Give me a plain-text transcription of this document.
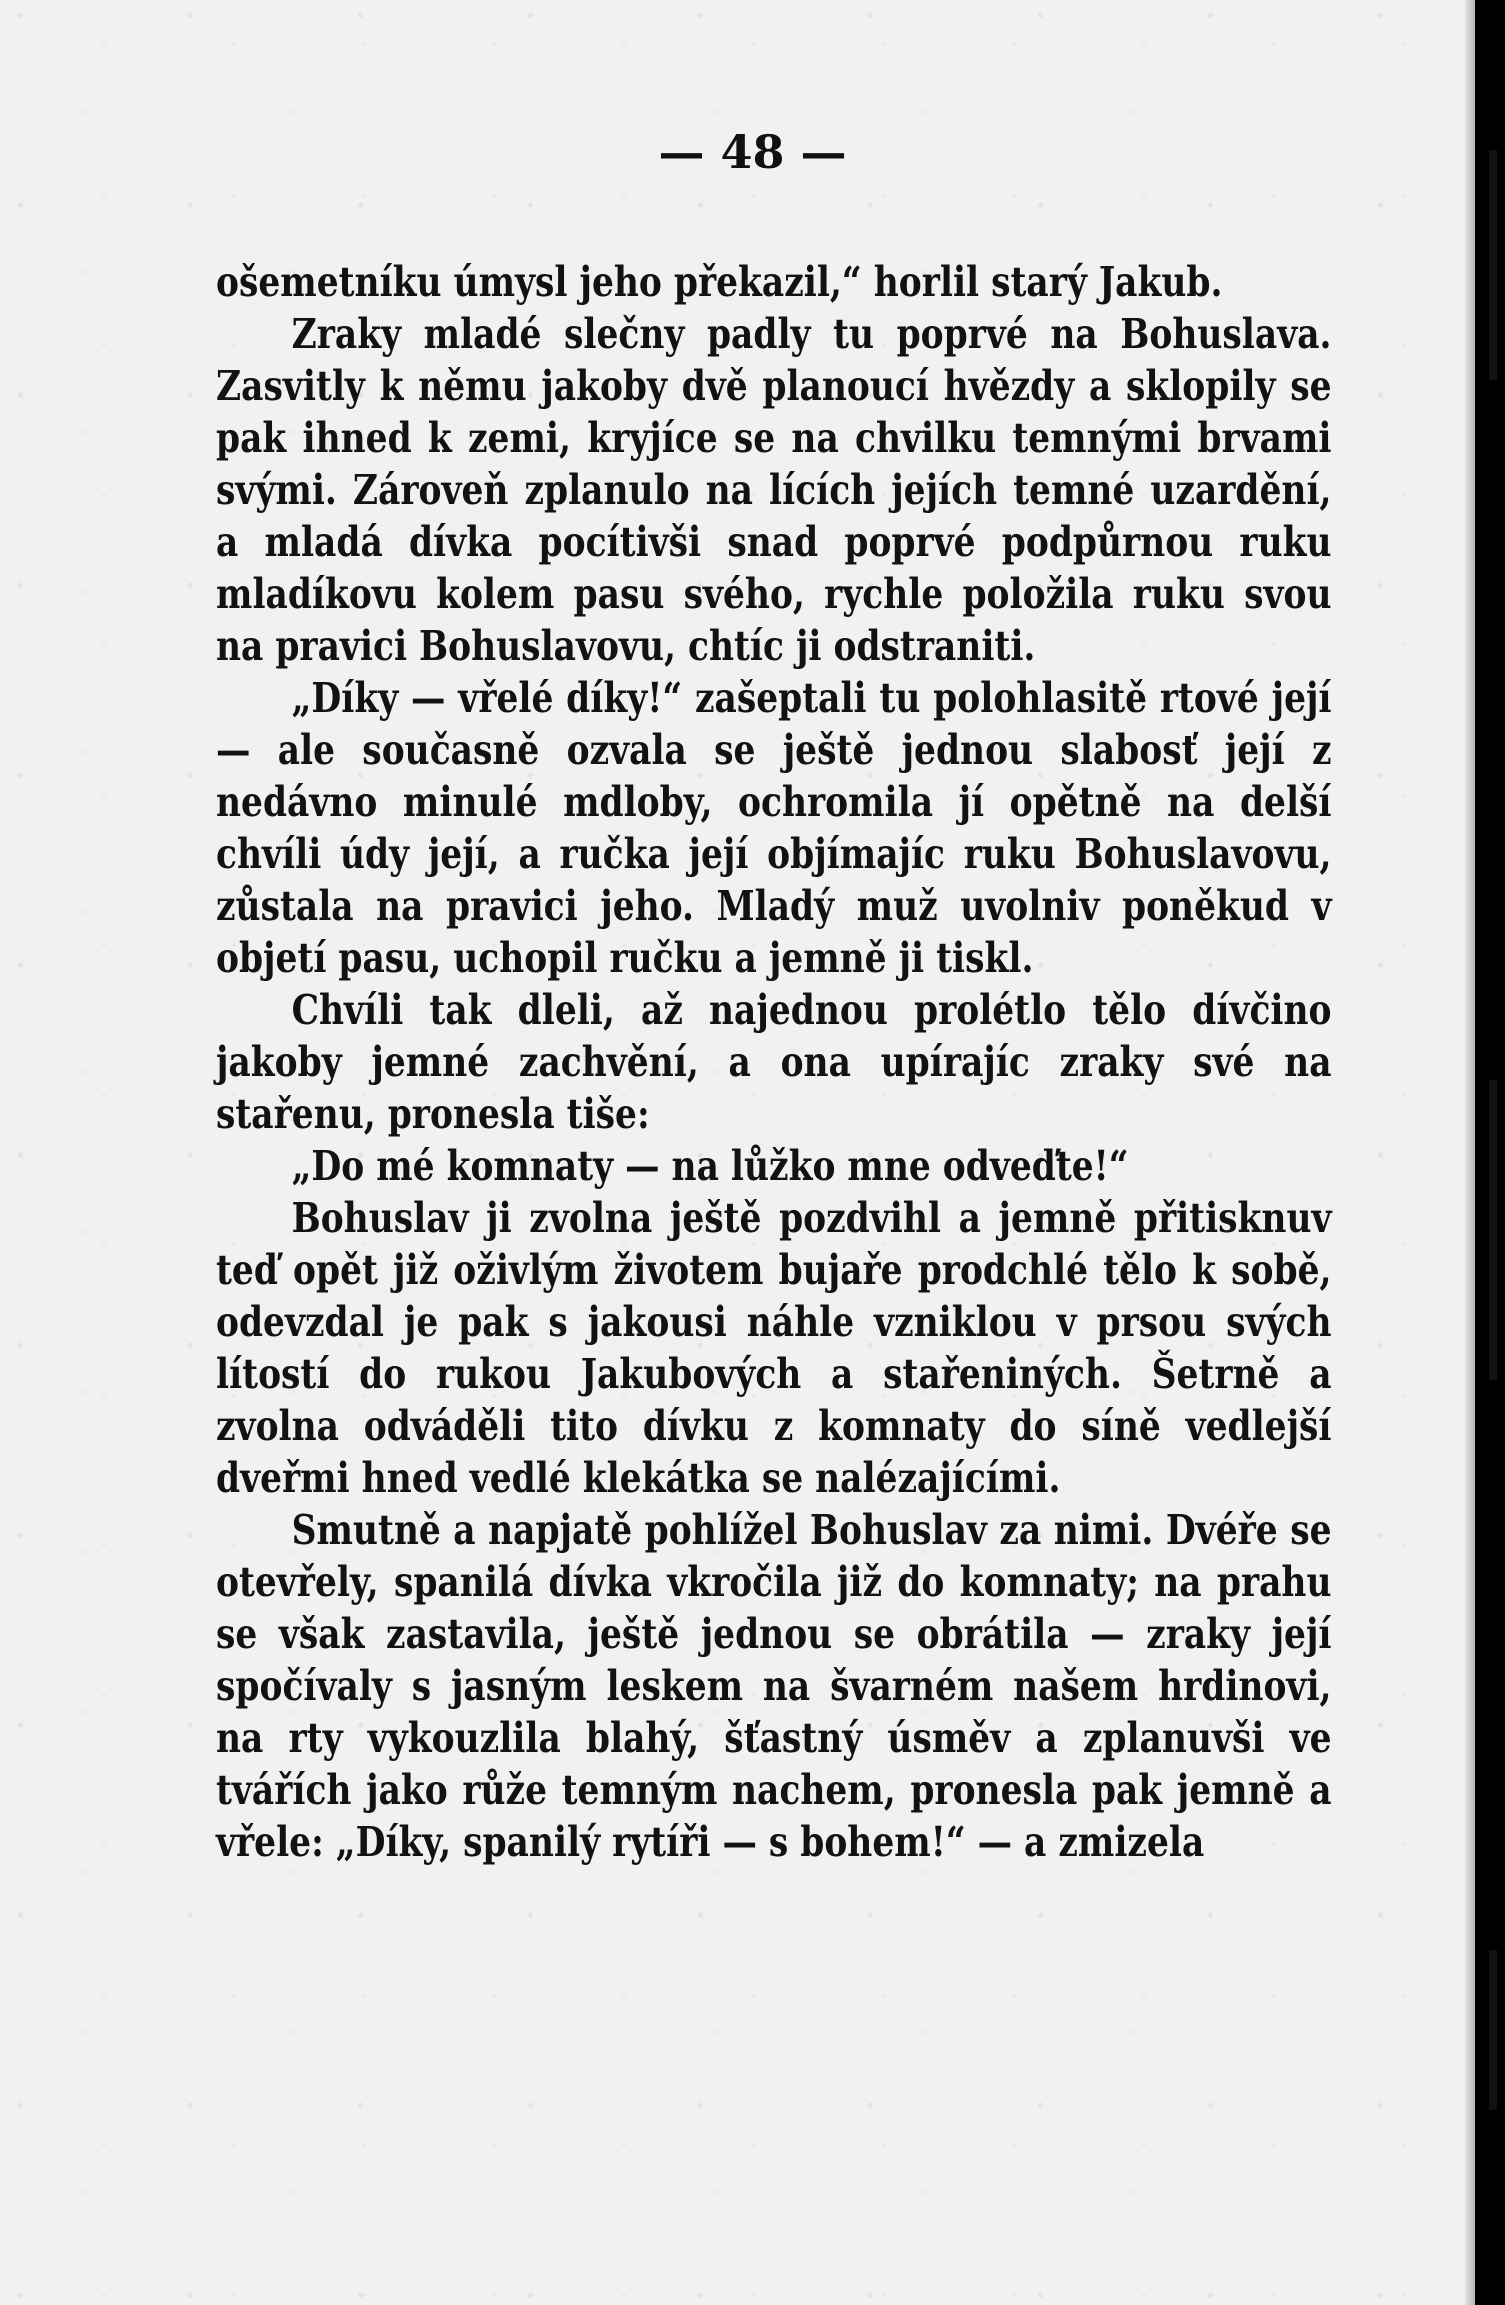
— 48 —

ošemetníku úmysl jeho překazil,“ horlil starý Jakub.

Zraky mladé slečny padly tu poprvé na Bohuslava. Zasvitly k němu jakoby dvě planoucí hvězdy a sklopily se pak ihned k zemi, kryjíce se na chvilku temnými brvami svými. Zároveň zplanulo na lících jejích temné uzardění, a mladá dívka pocítivši snad poprvé podpůrnou ruku mladíkovu kolem pasu svého, rychle položila ruku svou na pravici Bohuslavovu, chtíc ji odstraniti.

„Díky — vřelé díky!“ zašeptali tu polohlasitě rtové její — ale současně ozvala se ještě jednou slabosť její z nedávno minulé mdloby, ochromila jí opětně na delší chvíli údy její, a ručka její objímajíc ruku Bohuslavovu, zůstala na pravici jeho. Mladý muž uvolniv poněkud v objetí pasu, uchopil ručku a jemně ji tiskl.

Chvíli tak dleli, až najednou prolétlo tělo dívčino jakoby jemné zachvění, a ona upírajíc zraky své na stařenu, pronesla tiše:

„Do mé komnaty — na lůžko mne odveďte!“

Bohuslav ji zvolna ještě pozdvihl a jemně přitisknuv teď opět již oživlým životem bujaře prodchlé tělo k sobě, odevzdal je pak s jakousi náhle vzniklou v prsou svých lítostí do rukou Jakubových a stařeniných. Šetrně a zvolna odváděli tito dívku z komnaty do síně vedlejší dveřmi hned vedlé klekátka se nalézajícími.

Smutně a napjatě pohlížel Bohuslav za nimi. Dvéře se otevřely, spanilá dívka vkročila již do komnaty; na prahu se však zastavila, ještě jednou se obrátila — zraky její spočívaly s jasným leskem na švarném našem hrdinovi, na rty vykouzlila blahý, šťastný úsměv a zplanuvši ve tvářích jako růže temným nachem, pronesla pak jemně a vřele: „Díky, spanilý rytíři — s bohem!“ — a zmizela
